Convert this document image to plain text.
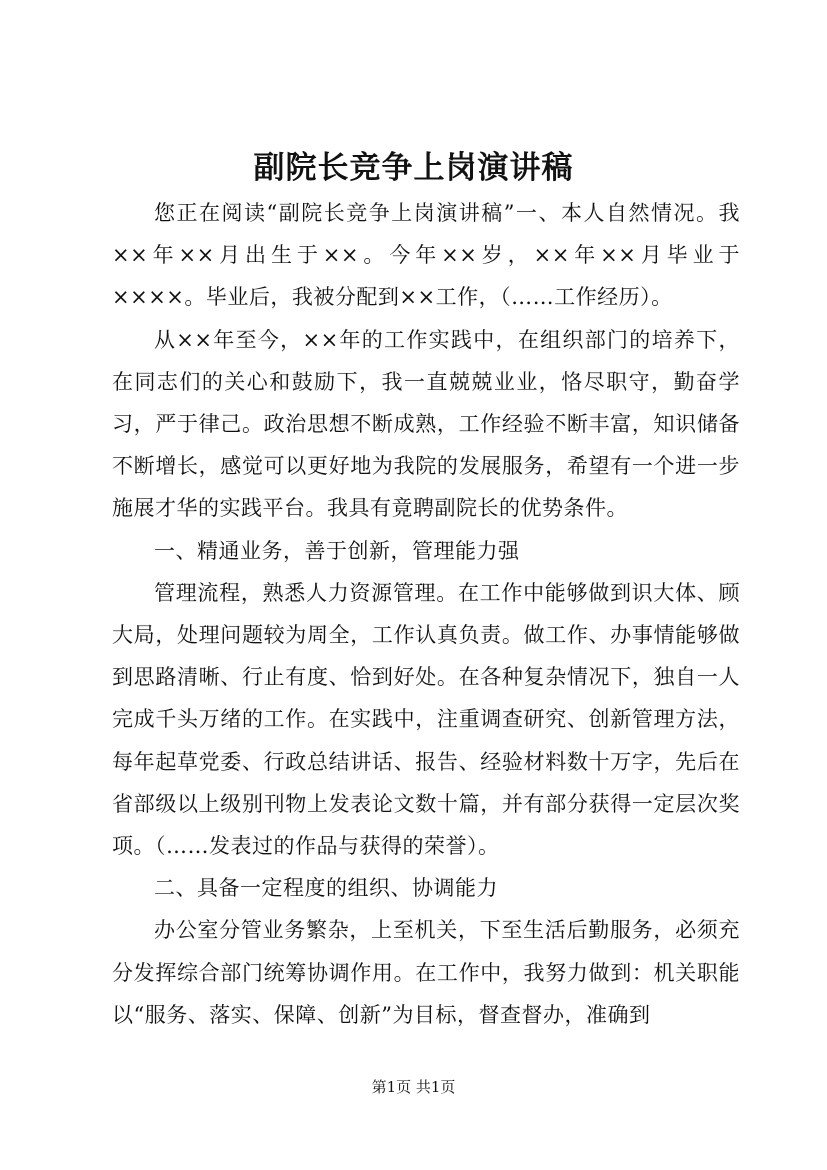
副院长竞争上岗演讲稿

您正在阅读“副院长竞争上岗演讲稿”一、本人自然情况。我××年××月出生于××。今年××岁，××年××月毕业于××××。毕业后，我被分配到××工作，（……工作经历）。

从××年至今，××年的工作实践中，在组织部门的培养下，在同志们的关心和鼓励下，我一直兢兢业业，恪尽职守，勤奋学习，严于律己。政治思想不断成熟，工作经验不断丰富，知识储备不断增长，感觉可以更好地为我院的发展服务，希望有一个进一步施展才华的实践平台。我具有竟聘副院长的优势条件。

一、精通业务，善于创新，管理能力强

管理流程，熟悉人力资源管理。在工作中能够做到识大体、顾大局，处理问题较为周全，工作认真负责。做工作、办事情能够做到思路清晰、行止有度、恰到好处。在各种复杂情况下，独自一人完成千头万绪的工作。在实践中，注重调查研究、创新管理方法，每年起草党委、行政总结讲话、报告、经验材料数十万字，先后在省部级以上级别刊物上发表论文数十篇，并有部分获得一定层次奖项。（……发表过的作品与获得的荣誉）。

二、具备一定程度的组织、协调能力

办公室分管业务繁杂，上至机关，下至生活后勤服务，必须充分发挥综合部门统筹协调作用。在工作中，我努力做到：机关职能以“服务、落实、保障、创新”为目标，督查督办，准确到

第1页 共1页
